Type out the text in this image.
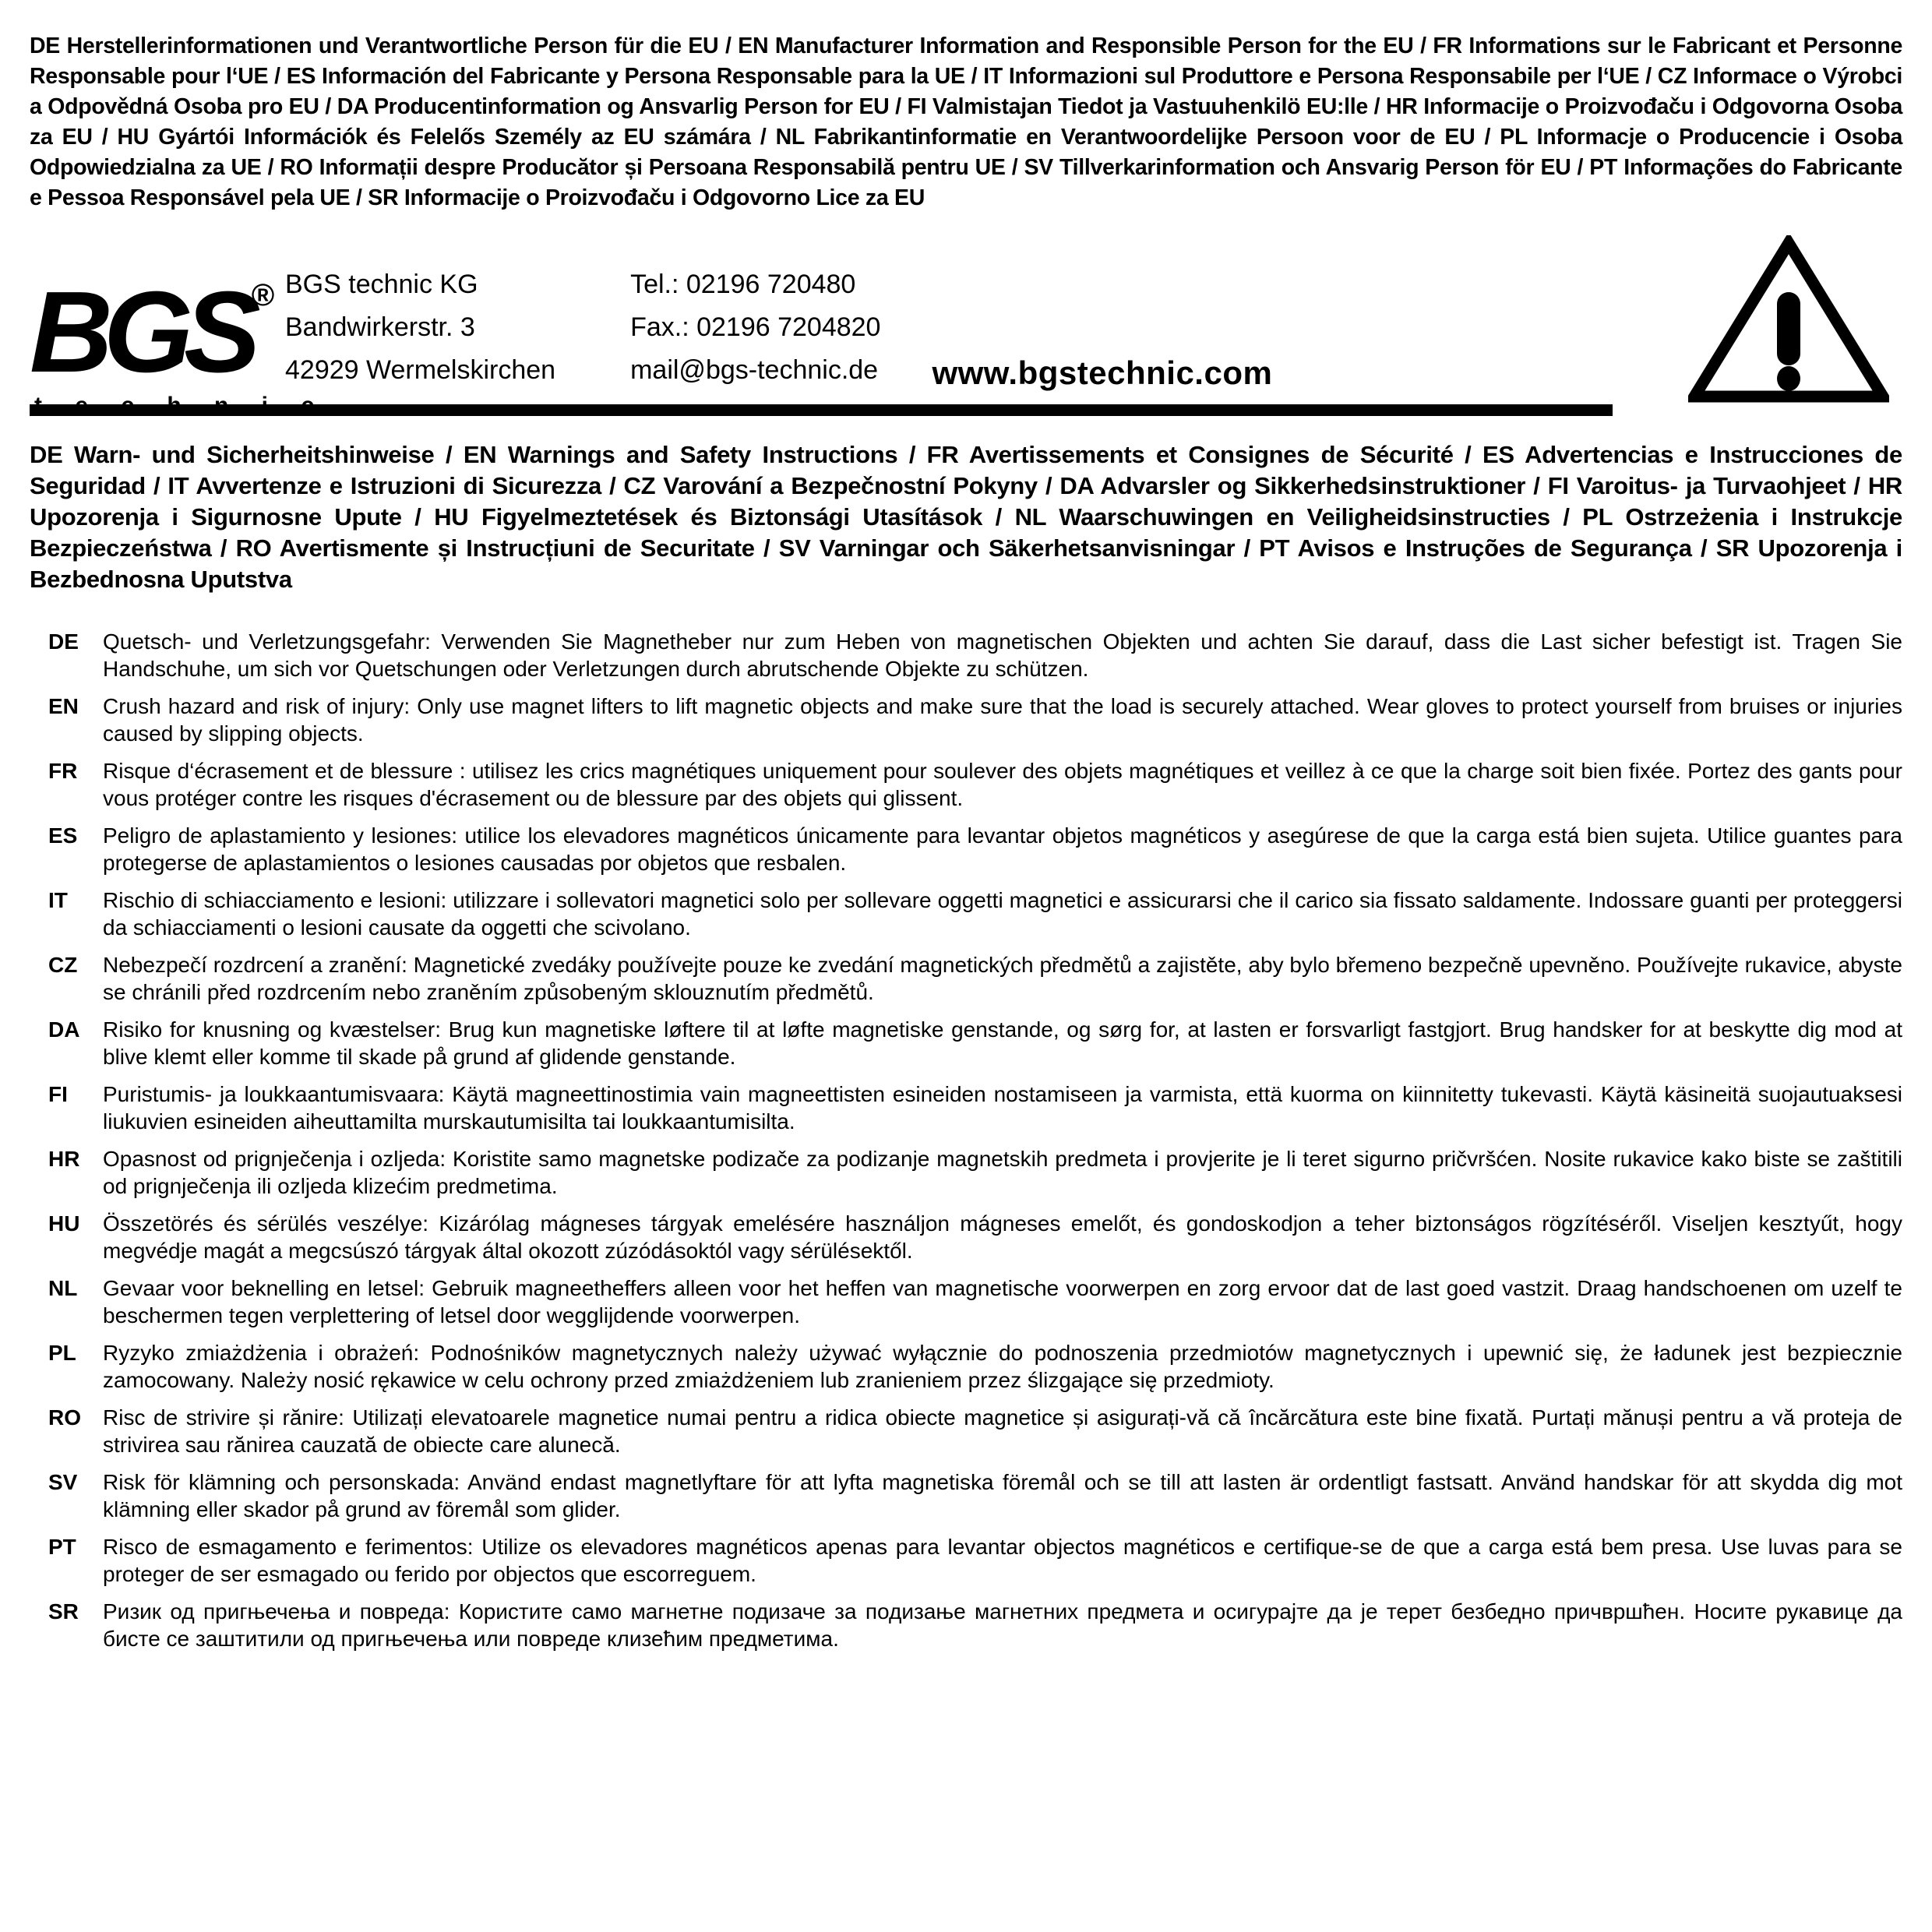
DE Herstellerinformationen und Verantwortliche Person für die EU / EN Manufacturer Information and Responsible Person for the EU / FR Informations sur le Fabricant et Personne Responsable pour l‘UE / ES Información del Fabricante y Persona Responsable para la UE / IT Informazioni sul Produttore e Persona Responsabile per l‘UE / CZ Informace o Výrobci a Odpovědná Osoba pro EU / DA Producentinformation og Ansvarlig Person for EU / FI Valmistajan Tiedot ja Vastuuhenkilö EU:lle / HR Informacije o Proizvođaču i Odgovorna Osoba za EU / HU Gyártói Információk és Felelős Személy az EU számára / NL Fabrikantinformatie en Verantwoordelijke Persoon voor de EU / PL Informacje o Producencie i Osoba Odpowiedzialna za UE / RO Informații despre Producător și Persoana Responsabilă pentru UE / SV Tillverkarinformation och Ansvarig Person för EU / PT Informações do Fabricante e Pessoa Responsável pela UE / SR Informacije o Proizvođaču i Odgovorno Lice za EU
BGS®
t e c h n i c
BGS technic KG
Bandwirkerstr. 3
42929 Wermelskirchen
Tel.: 02196 720480
Fax.: 02196 7204820
mail@bgs-technic.de www.bgstechnic.com
DE Warn- und Sicherheitshinweise / EN Warnings and Safety Instructions / FR Avertissements et Consignes de Sécurité / ES Advertencias e Instrucciones de Seguridad / IT Avvertenze e Istruzioni di Sicurezza / CZ Varování a Bezpečnostní Pokyny / DA Advarsler og Sikkerhedsinstruktioner / FI Varoitus- ja Turvaohjeet / HR Upozorenja i Sigurnosne Upute / HU Figyelmeztetések és Biztonsági Utasítások / NL Waarschuwingen en Veiligheidsinstructies / PL Ostrzeżenia i Instrukcje Bezpieczeństwa / RO Avertismente și Instrucțiuni de Securitate / SV Varningar och Säkerhetsanvisningar / PT Avisos e Instruções de Segurança / SR Upozorenja i Bezbednosna Uputstva
DE	Quetsch- und Verletzungsgefahr: Verwenden Sie Magnetheber nur zum Heben von magnetischen Objekten und achten Sie darauf, dass die Last sicher befestigt ist. Tragen Sie Handschuhe, um sich vor Quetschungen oder Verletzungen durch abrutschende Objekte zu schützen.
EN	Crush hazard and risk of injury: Only use magnet lifters to lift magnetic objects and make sure that the load is securely attached. Wear gloves to protect yourself from bruises or injuries caused by slipping objects.
FR	Risque d‘écrasement et de blessure : utilisez les crics magnétiques uniquement pour soulever des objets magnétiques et veillez à ce que la charge soit bien fixée. Portez des gants pour vous protéger contre les risques d'écrasement ou de blessure par des objets qui glissent.
ES	Peligro de aplastamiento y lesiones: utilice los elevadores magnéticos únicamente para levantar objetos magnéticos y asegúrese de que la carga está bien sujeta. Utilice guantes para protegerse de aplastamientos o lesiones causadas por objetos que resbalen.
IT	Rischio di schiacciamento e lesioni: utilizzare i sollevatori magnetici solo per sollevare oggetti magnetici e assicurarsi che il carico sia fissato saldamente. Indossare guanti per proteggersi da schiacciamenti o lesioni causate da oggetti che scivolano.
CZ	Nebezpečí rozdrcení a zranění: Magnetické zvedáky používejte pouze ke zvedání magnetických předmětů a zajistěte, aby bylo břemeno bezpečně upevněno. Používejte rukavice, abyste se chránili před rozdrcením nebo zraněním způsobeným sklouznutím předmětů.
DA	Risiko for knusning og kvæstelser: Brug kun magnetiske løftere til at løfte magnetiske genstande, og sørg for, at lasten er forsvarligt fastgjort. Brug handsker for at beskytte dig mod at blive klemt eller komme til skade på grund af glidende genstande.
FI	Puristumis- ja loukkaantumisvaara: Käytä magneettinostimia vain magneettisten esineiden nostamiseen ja varmista, että kuorma on kiinnitetty tukevasti. Käytä käsineitä suojautuaksesi liukuvien esineiden aiheuttamilta murskautumisilta tai loukkaantumisilta.
HR	Opasnost od prignječenja i ozljeda: Koristite samo magnetske podizače za podizanje magnetskih predmeta i provjerite je li teret sigurno pričvršćen. Nosite rukavice kako biste se zaštitili od prignječenja ili ozljeda klizećim predmetima.
HU	Összetörés és sérülés veszélye: Kizárólag mágneses tárgyak emelésére használjon mágneses emelőt, és gondoskodjon a teher biztonságos rögzítéséről. Viseljen kesztyűt, hogy megvédje magát a megcsúszó tárgyak által okozott zúzódásoktól vagy sérülésektől.
NL	Gevaar voor beknelling en letsel: Gebruik magneetheffers alleen voor het heffen van magnetische voorwerpen en zorg ervoor dat de last goed vastzit. Draag handschoenen om uzelf te beschermen tegen verplettering of letsel door wegglijdende voorwerpen.
PL	Ryzyko zmiażdżenia i obrażeń: Podnośników magnetycznych należy używać wyłącznie do podnoszenia przedmiotów magnetycznych i upewnić się, że ładunek jest bezpiecznie zamocowany. Należy nosić rękawice w celu ochrony przed zmiażdżeniem lub zranieniem przez ślizgające się przedmioty.
RO	Risc de strivire și rănire: Utilizați elevatoarele magnetice numai pentru a ridica obiecte magnetice și asigurați-vă că încărcătura este bine fixată. Purtați mănuși pentru a vă proteja de strivirea sau rănirea cauzată de obiecte care alunecă.
SV	Risk för klämning och personskada: Använd endast magnetlyftare för att lyfta magnetiska föremål och se till att lasten är ordentligt fastsatt. Använd handskar för att skydda dig mot klämning eller skador på grund av föremål som glider.
PT	Risco de esmagamento e ferimentos: Utilize os elevadores magnéticos apenas para levantar objectos magnéticos e certifique-se de que a carga está bem presa. Use luvas para se proteger de ser esmagado ou ferido por objectos que escorreguem.
SR	Ризик од пригњечења и повреда: Користите само магнетне подизаче за подизање магнетних предмета и осигурајте да је терет безбедно причвршћен. Носите рукавице да бисте се заштитили од пригњечења или повреде клизећим предметима.
